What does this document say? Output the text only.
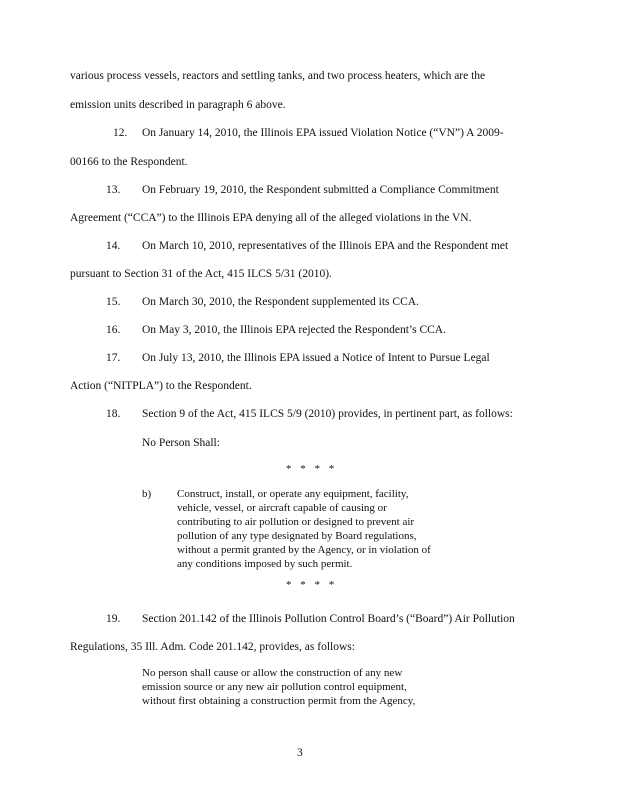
various process vessels, reactors and settling tanks, and two process heaters, which are the
emission units described in paragraph 6 above.
12. On January 14, 2010, the Illinois EPA issued Violation Notice (“VN”) A 2009-
00166 to the Respondent.
13. On February 19, 2010, the Respondent submitted a Compliance Commitment
Agreement (“CCA”) to the Illinois EPA denying all of the alleged violations in the VN.
14. On March 10, 2010, representatives of the Illinois EPA and the Respondent met
pursuant to Section 31 of the Act, 415 ILCS 5/31 (2010).
15. On March 30, 2010, the Respondent supplemented its CCA.
16. On May 3, 2010, the Illinois EPA rejected the Respondent’s CCA.
17. On July 13, 2010, the Illinois EPA issued a Notice of Intent to Pursue Legal
Action (“NITPLA”) to the Respondent.
18. Section 9 of the Act, 415 ILCS 5/9 (2010) provides, in pertinent part, as follows:
No Person Shall:
* * * *
b) Construct, install, or operate any equipment, facility,
vehicle, vessel, or aircraft capable of causing or
contributing to air pollution or designed to prevent air
pollution of any type designated by Board regulations,
without a permit granted by the Agency, or in violation of
any conditions imposed by such permit.
* * * *
19. Section 201.142 of the Illinois Pollution Control Board’s (“Board”) Air Pollution
Regulations, 35 Ill. Adm. Code 201.142, provides, as follows:
No person shall cause or allow the construction of any new
emission source or any new air pollution control equipment,
without first obtaining a construction permit from the Agency,
3
